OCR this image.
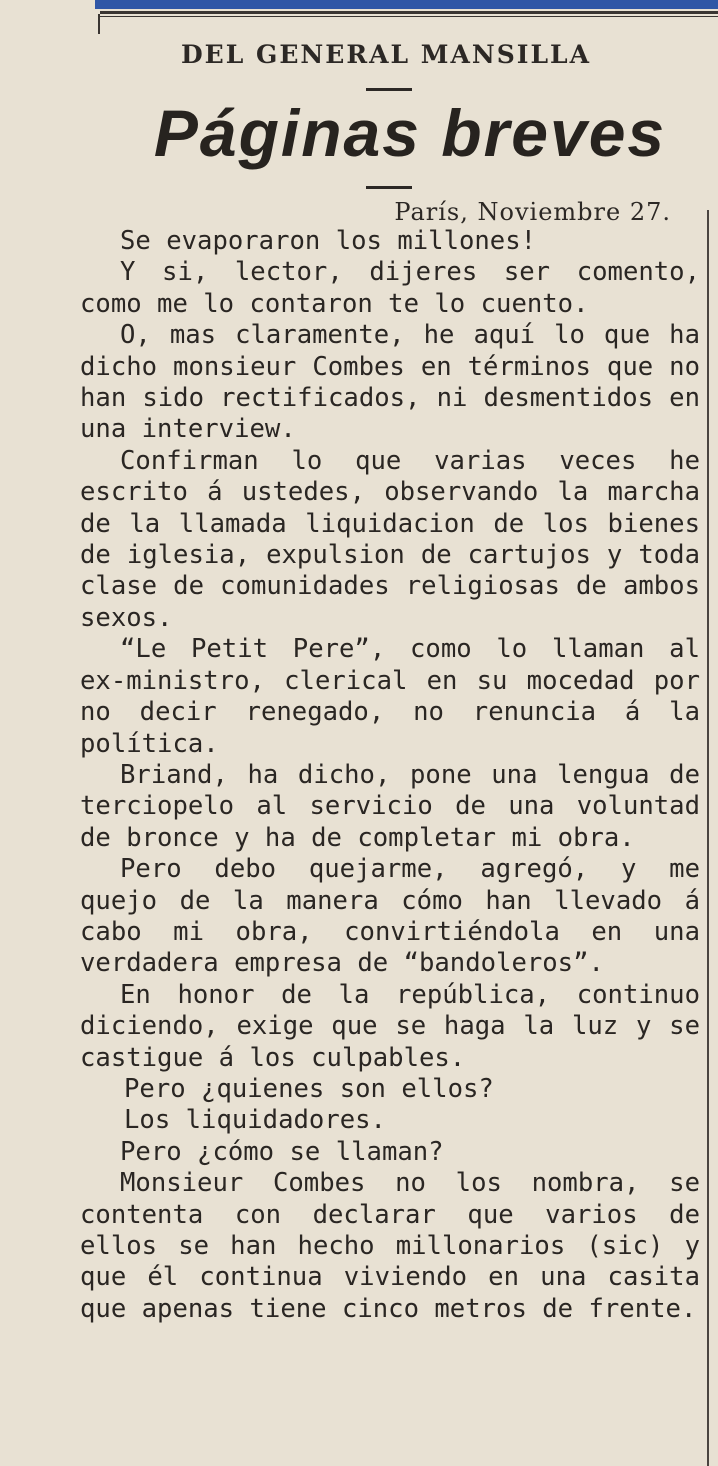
DEL GENERAL MANSILLA
Páginas breves
París, Noviembre 27.

Se evaporaron los millones!

Y si, lector, dijeres ser comento, como me lo contaron te lo cuento.

O, mas claramente, he aquí lo que ha dicho monsieur Combes en términos que no han sido rectificados, ni desmentidos en una interview.

Confirman lo que varias veces he escrito á ustedes, observando la marcha de la llamada liquidacion de los bienes de iglesia, expulsion de cartujos y toda clase de comunidades religiosas de ambos sexos.

“Le Petit Pere”, como lo llaman al ex-ministro, clerical en su mocedad por no decir renegado, no renuncia á la política.

Briand, ha dicho, pone una lengua de terciopelo al servicio de una voluntad de bronce y ha de completar mi obra.

Pero debo quejarme, agregó, y me quejo de la manera cómo han llevado á cabo mi obra, convirtiéndola en una verdadera empresa de “bandoleros”.

En honor de la república, continuo diciendo, exige que se haga la luz y se castigue á los culpables.

Pero ¿quienes son ellos?

Los liquidadores.

Pero ¿cómo se llaman?

Monsieur Combes no los nombra, se contenta con declarar que varios de ellos se han hecho millonarios (sic) y que él continua viviendo en una casita que apenas tiene cinco metros de frente.
